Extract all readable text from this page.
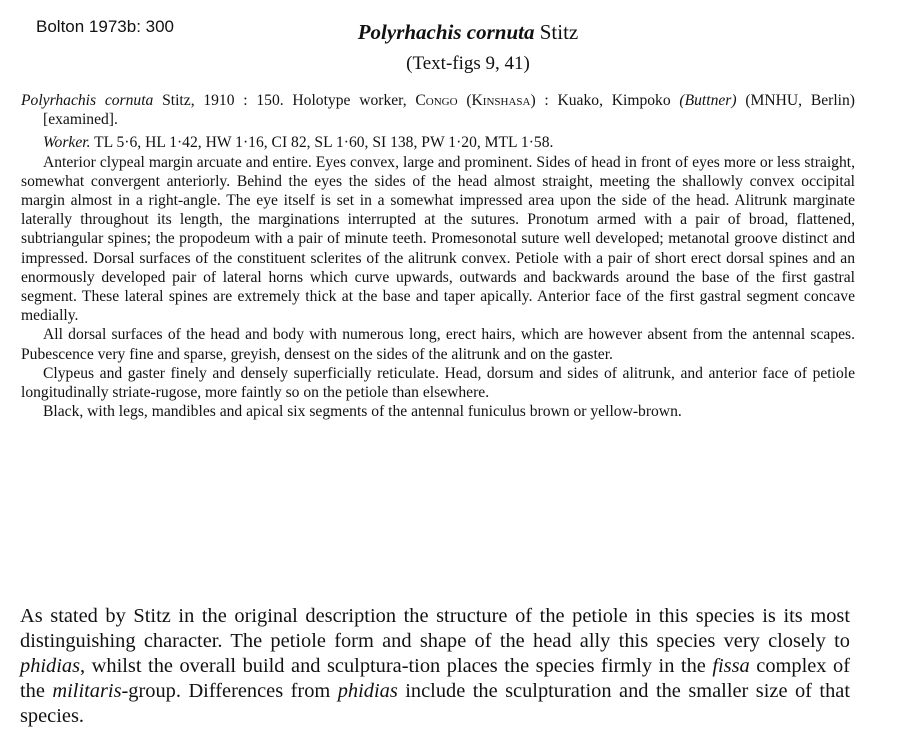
Bolton 1973b: 300	Polyrhachis cornuta Stitz
(Text-figs 9, 41)

Polyrhachis cornuta Stitz, 1910 : 150. Holotype worker, Congo (Kinshasa) : Kuako, Kimpoko (Buttner) (MNHU, Berlin) [examined].

Worker. TL 5·6, HL 1·42, HW 1·16, CI 82, SL 1·60, SI 138, PW 1·20, MTL 1·58.

Anterior clypeal margin arcuate and entire. Eyes convex, large and prominent. Sides of head in front of eyes more or less straight, somewhat convergent anteriorly. Behind the eyes the sides of the head almost straight, meeting the shallowly convex occipital margin almost in a right-angle. The eye itself is set in a somewhat impressed area upon the side of the head. Alitrunk marginate laterally throughout its length, the marginations interrupted at the sutures. Pronotum armed with a pair of broad, flattened, subtriangular spines; the propodeum with a pair of minute teeth. Promesonotal suture well developed; metanotal groove distinct and impressed. Dorsal surfaces of the constituent sclerites of the alitrunk convex. Petiole with a pair of short erect dorsal spines and an enormously developed pair of lateral horns which curve upwards, outwards and backwards around the base of the first gastral segment. These lateral spines are extremely thick at the base and taper apically. Anterior face of the first gastral segment concave medially.

All dorsal surfaces of the head and body with numerous long, erect hairs, which are however absent from the antennal scapes. Pubescence very fine and sparse, greyish, densest on the sides of the alitrunk and on the gaster.

Clypeus and gaster finely and densely superficially reticulate. Head, dorsum and sides of alitrunk, and anterior face of petiole longitudinally striate-rugose, more faintly so on the petiole than elsewhere.

Black, with legs, mandibles and apical six segments of the antennal funiculus brown or yellow-brown.

As stated by Stitz in the original description the structure of the petiole in this species is its most distinguishing character. The petiole form and shape of the head ally this species very closely to phidias, whilst the overall build and sculptura-tion places the species firmly in the fissa complex of the militaris-group. Differences from phidias include the sculpturation and the smaller size of that species.
